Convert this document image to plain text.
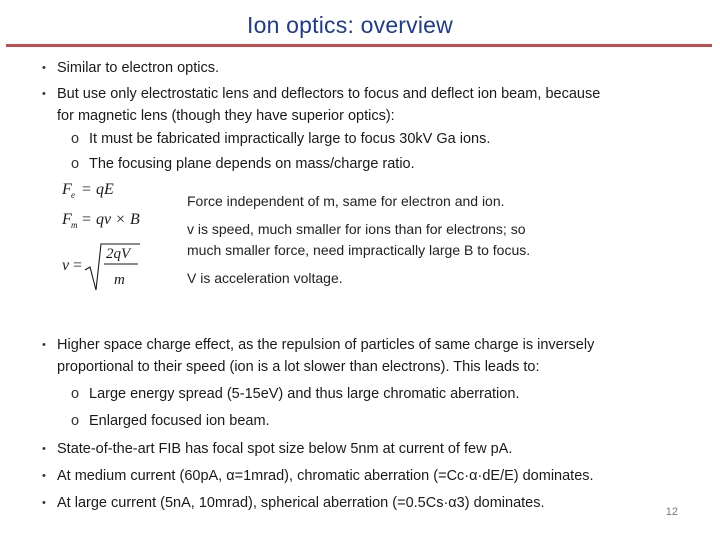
Ion optics: overview
• Similar to electron optics.
• But use only electrostatic lens and deflectors to focus and deflect ion beam, because
for magnetic lens (though they have superior optics):
o It must be fabricated impractically large to focus 30kV Ga ions.
o The focusing plane depends on mass/charge ratio.
F e = qE
F m = qv × B
v =
2qV
m
Force independent of m, same for electron and ion.
v is speed, much smaller for ions than for electrons; so
much smaller force, need impractically large B to focus.
V is acceleration voltage.
• Higher space charge effect, as the repulsion of particles of same charge is inversely
proportional to their speed (ion is a lot slower than electrons). This leads to:
o Large energy spread (5-15eV) and thus large chromatic aberration.
o Enlarged focused ion beam.
• State-of-the-art FIB has focal spot size below 5nm at current of few pA.
• At medium current (60pA, α=1mrad), chromatic aberration (=Cc·α·dE/E) dominates.
• At large current (5nA, 10mrad), spherical aberration (=0.5Cs·α3) dominates.
12
